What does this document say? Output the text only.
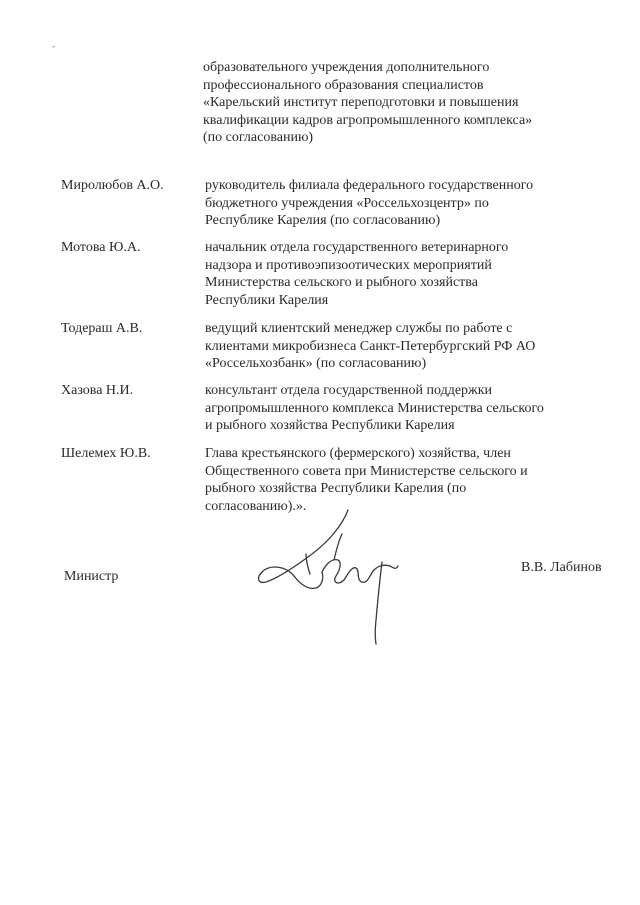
-
образовательного учреждения дополнительного
профессионального образования специалистов
«Карельский институт переподготовки и повышения
квалификации кадров агропромышленного комплекса»
(по согласованию)
Миролюбов А.О.	руководитель филиала федерального государственного
бюджетного учреждения «Россельхозцентр» по
Республике Карелия (по согласованию)
Мотова Ю.А.	начальник отдела государственного ветеринарного
надзора и противоэпизоотических мероприятий
Министерства сельского и рыбного хозяйства
Республики Карелия
Тодераш А.В.	ведущий клиентский менеджер службы по работе с
клиентами микробизнеса Санкт-Петербургский РФ АО
«Россельхозбанк» (по согласованию)
Хазова Н.И.	консультант отдела государственной поддержки
агропромышленного комплекса Министерства сельского
и рыбного хозяйства Республики Карелия
Шелемех Ю.В.	Глава крестьянского (фермерского) хозяйства, член
Общественного совета при Министерстве сельского и
рыбного хозяйства Республики Карелия (по
согласованию).».
Министр
В.В. Лабинов
